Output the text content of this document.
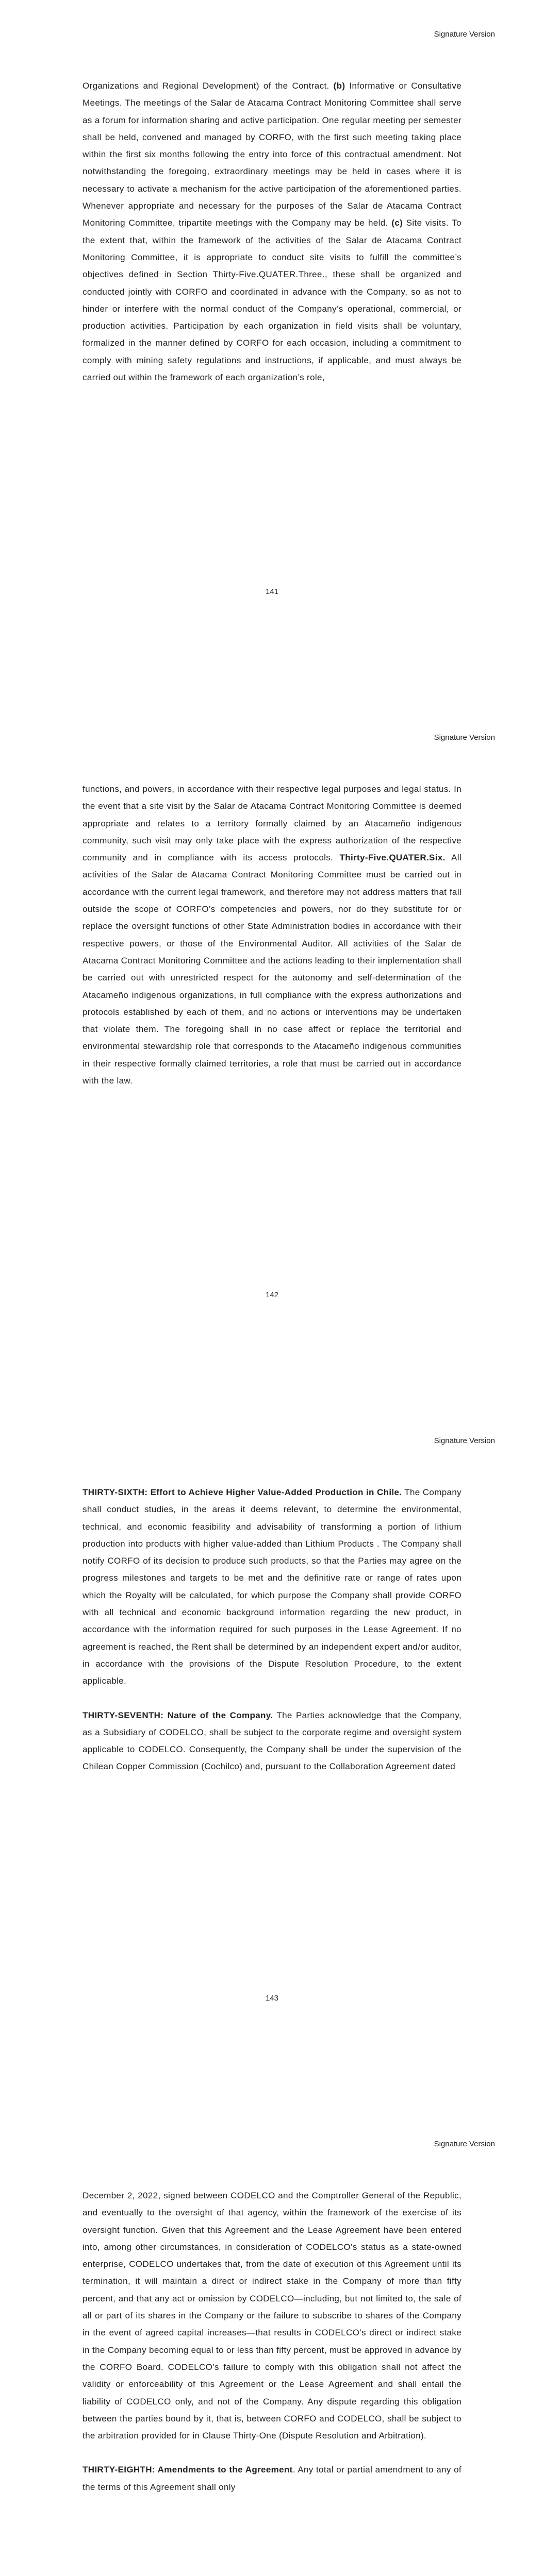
Signature Version

Organizations and Regional Development) of the Contract. (b) Informative or Consultative Meetings. The meetings of the Salar de Atacama Contract Monitoring Committee shall serve as a forum for information sharing and active participation. One regular meeting per semester shall be held, convened and managed by CORFO, with the first such meeting taking place within the first six months following the entry into force of this contractual amendment. Not notwithstanding the foregoing, extraordinary meetings may be held in cases where it is necessary to activate a mechanism for the active participation of the aforementioned parties. Whenever appropriate and necessary for the purposes of the Salar de Atacama Contract Monitoring Committee, tripartite meetings with the Company may be held. (c) Site visits. To the extent that, within the framework of the activities of the Salar de Atacama Contract Monitoring Committee, it is appropriate to conduct site visits to fulfill the committee’s objectives defined in Section Thirty-Five.QUATER.Three., these shall be organized and conducted jointly with CORFO and coordinated in advance with the Company, so as not to hinder or interfere with the normal conduct of the Company’s operational, commercial, or production activities. Participation by each organization in field visits shall be voluntary, formalized in the manner defined by CORFO for each occasion, including a commitment to comply with mining safety regulations and instructions, if applicable, and must always be carried out within the framework of each organization’s role,

141
Signature Version

functions, and powers, in accordance with their respective legal purposes and legal status. In the event that a site visit by the Salar de Atacama Contract Monitoring Committee is deemed appropriate and relates to a territory formally claimed by an Atacameño indigenous community, such visit may only take place with the express authorization of the respective community and in compliance with its access protocols. Thirty-Five.QUATER.Six. All activities of the Salar de Atacama Contract Monitoring Committee must be carried out in accordance with the current legal framework, and therefore may not address matters that fall outside the scope of CORFO’s competencies and powers, nor do they substitute for or replace the oversight functions of other State Administration bodies in accordance with their respective powers, or those of the Environmental Auditor. All activities of the Salar de Atacama Contract Monitoring Committee and the actions leading to their implementation shall be carried out with unrestricted respect for the autonomy and self-determination of the Atacameño indigenous organizations, in full compliance with the express authorizations and protocols established by each of them, and no actions or interventions may be undertaken that violate them. The foregoing shall in no case affect or replace the territorial and environmental stewardship role that corresponds to the Atacameño indigenous communities in their respective formally claimed territories, a role that must be carried out in accordance with the law.

142
Signature Version

THIRTY-SIXTH: Effort to Achieve Higher Value-Added Production in Chile. The Company shall conduct studies, in the areas it deems relevant, to determine the environmental, technical, and economic feasibility and advisability of transforming a portion of lithium production into products with higher value-added than Lithium Products . The Company shall notify CORFO of its decision to produce such products, so that the Parties may agree on the progress milestones and targets to be met and the definitive rate or range of rates upon which the Royalty will be calculated, for which purpose the Company shall provide CORFO with all technical and economic background information regarding the new product, in accordance with the information required for such purposes in the Lease Agreement. If no agreement is reached, the Rent shall be determined by an independent expert and/or auditor, in accordance with the provisions of the Dispute Resolution Procedure, to the extent applicable.

THIRTY-SEVENTH: Nature of the Company. The Parties acknowledge that the Company, as a Subsidiary of CODELCO, shall be subject to the corporate regime and oversight system applicable to CODELCO. Consequently, the Company shall be under the supervision of the Chilean Copper Commission (Cochilco) and, pursuant to the Collaboration Agreement dated

143
Signature Version

December 2, 2022, signed between CODELCO and the Comptroller General of the Republic, and eventually to the oversight of that agency, within the framework of the exercise of its oversight function. Given that this Agreement and the Lease Agreement have been entered into, among other circumstances, in consideration of CODELCO’s status as a state-owned enterprise, CODELCO undertakes that, from the date of execution of this Agreement until its termination, it will maintain a direct or indirect stake in the Company of more than fifty percent, and that any act or omission by CODELCO—including, but not limited to, the sale of all or part of its shares in the Company or the failure to subscribe to shares of the Company in the event of agreed capital increases—that results in CODELCO’s direct or indirect stake in the Company becoming equal to or less than fifty percent, must be approved in advance by the CORFO Board. CODELCO’s failure to comply with this obligation shall not affect the validity or enforceability of this Agreement or the Lease Agreement and shall entail the liability of CODELCO only, and not of the Company. Any dispute regarding this obligation between the parties bound by it, that is, between CORFO and CODELCO, shall be subject to the arbitration provided for in Clause Thirty-One (Dispute Resolution and Arbitration).

THIRTY-EIGHTH: Amendments to the Agreement. Any total or partial amendment to any of the terms of this Agreement shall only
